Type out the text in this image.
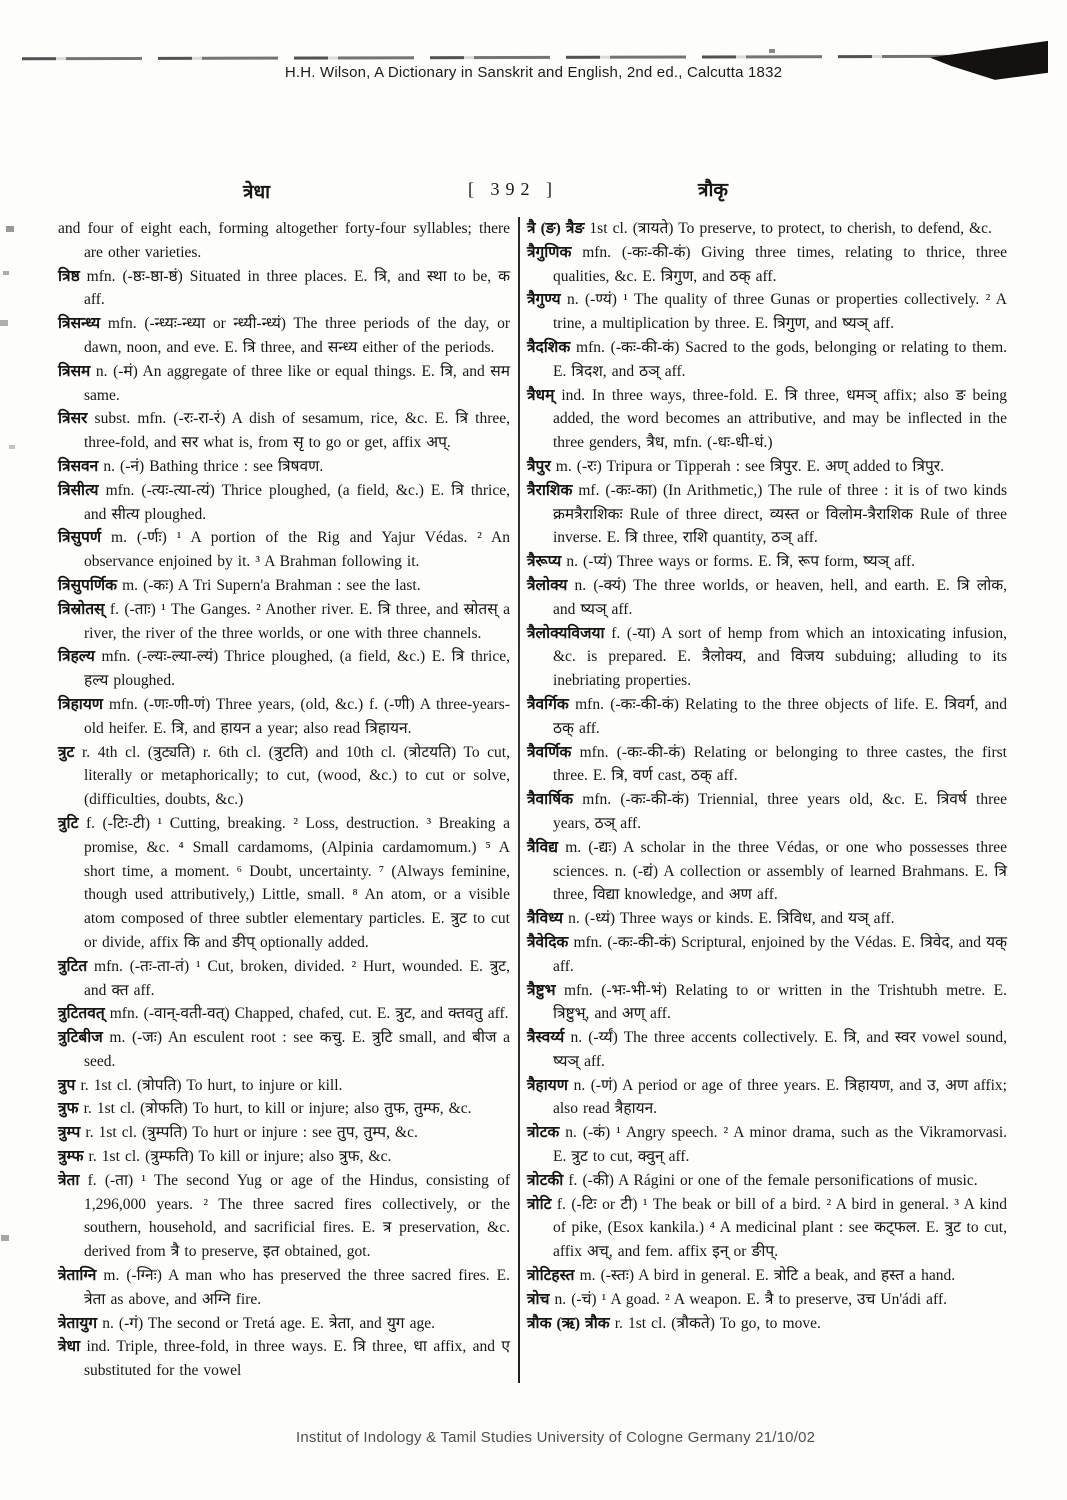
H.H. Wilson, A Dictionary in Sanskrit and English, 2nd ed., Calcutta 1832
त्रेधा	[ 392 ]	त्रौकृ

and four of eight each, forming altogether forty-four syllables; there are other varieties.

त्रिष्ठ mfn. (-ष्ठः-ष्ठा-ष्ठं) Situated in three places. E. त्रि, and स्था to be, क aff.

त्रिसन्ध्य mfn. (-न्ध्यः-न्ध्या or न्ध्यी-न्ध्यं) The three periods of the day, or dawn, noon, and eve. E. त्रि three, and सन्ध्य either of the periods.

त्रिसम n. (-मं) An aggregate of three like or equal things. E. त्रि, and सम same.

त्रिसर subst. mfn. (-रः-रा-रं) A dish of sesamum, rice, &c. E. त्रि three, three-fold, and सर what is, from सृ to go or get, affix अप्.

त्रिसवन n. (-नं) Bathing thrice : see त्रिषवण.

त्रिसीत्य mfn. (-त्यः-त्या-त्यं) Thrice ploughed, (a field, &c.) E. त्रि thrice, and सीत्य ploughed.

त्रिसुपर्ण m. (-र्णः) ¹ A portion of the Rig and Yajur Védas. ² An observance enjoined by it. ³ A Brahman following it.

त्रिसुपर्णिक m. (-कः) A Tri Supern'a Brahman : see the last.

त्रिस्रोतस् f. (-ताः) ¹ The Ganges. ² Another river. E. त्रि three, and स्रोतस् a river, the river of the three worlds, or one with three channels.

त्रिहल्य mfn. (-ल्यः-ल्या-ल्यं) Thrice ploughed, (a field, &c.) E. त्रि thrice, हल्य ploughed.

त्रिहायण mfn. (-णः-णी-णं) Three years, (old, &c.) f. (-णी) A three-years-old heifer. E. त्रि, and हायन a year; also read त्रिहायन.

त्रुट r. 4th cl. (त्रुट्यति) r. 6th cl. (त्रुटति) and 10th cl. (त्रोटयति) To cut, literally or metaphorically; to cut, (wood, &c.) to cut or solve, (difficulties, doubts, &c.)

त्रुटि f. (-टिः-टी) ¹ Cutting, breaking. ² Loss, destruction. ³ Breaking a promise, &c. ⁴ Small cardamoms, (Alpinia cardamomum.) ⁵ A short time, a moment. ⁶ Doubt, uncertainty. ⁷ (Always feminine, though used attributively,) Little, small. ⁸ An atom, or a visible atom composed of three subtler elementary particles. E. त्रुट to cut or divide, affix कि and ङीप् optionally added.

त्रुटित mfn. (-तः-ता-तं) ¹ Cut, broken, divided. ² Hurt, wounded. E. त्रुट, and क्त aff.

त्रुटितवत् mfn. (-वान्-वती-वत्) Chapped, chafed, cut. E. त्रुट, and क्तवतु aff.

त्रुटिबीज m. (-जः) An esculent root : see कचु. E. त्रुटि small, and बीज a seed.

त्रुप r. 1st cl. (त्रोपति) To hurt, to injure or kill.

त्रुफ r. 1st cl. (त्रोफति) To hurt, to kill or injure; also तुफ, तुम्फ, &c.

त्रुम्प r. 1st cl. (त्रुम्पति) To hurt or injure : see तुप, तुम्प, &c.

त्रुम्फ r. 1st cl. (त्रुम्फति) To kill or injure; also त्रुफ, &c.

त्रेता f. (-ता) ¹ The second Yug or age of the Hindus, consisting of 1,296,000 years. ² The three sacred fires collectively, or the southern, household, and sacrificial fires. E. त्र preservation, &c. derived from त्रै to preserve, इत obtained, got.

त्रेताग्नि m. (-ग्निः) A man who has preserved the three sacred fires. E. त्रेता as above, and अग्नि fire.

त्रेतायुग n. (-गं) The second or Tretá age. E. त्रेता, and युग age.

त्रेधा ind. Triple, three-fold, in three ways. E. त्रि three, धा affix, and ए substituted for the vowel

त्रै (ङ) त्रैङ 1st cl. (त्रायते) To preserve, to protect, to cherish, to defend, &c.

त्रैगुणिक mfn. (-कः-की-कं) Giving three times, relating to thrice, three qualities, &c. E. त्रिगुण, and ठक् aff.

त्रैगुण्य n. (-ण्यं) ¹ The quality of three Gunas or properties collectively. ² A trine, a multiplication by three. E. त्रिगुण, and ष्यञ् aff.

त्रैदशिक mfn. (-कः-की-कं) Sacred to the gods, belonging or relating to them. E. त्रिदश, and ठञ् aff.

त्रैधम् ind. In three ways, three-fold. E. त्रि three, धमञ् affix; also ङ being added, the word becomes an attributive, and may be inflected in the three genders, त्रैध, mfn. (-धः-धी-धं.)

त्रैपुर m. (-रः) Tripura or Tipperah : see त्रिपुर. E. अण् added to त्रिपुर.

त्रैराशिक mf. (-कः-का) (In Arithmetic,) The rule of three : it is of two kinds क्रमत्रैराशिकः Rule of three direct, व्यस्त or विलोम-त्रैराशिक Rule of three inverse. E. त्रि three, राशि quantity, ठञ् aff.

त्रैरूप्य n. (-प्यं) Three ways or forms. E. त्रि, रूप form, ष्यञ् aff.

त्रैलोक्य n. (-क्यं) The three worlds, or heaven, hell, and earth. E. त्रि लोक, and ष्यञ् aff.

त्रैलोक्यविजया f. (-या) A sort of hemp from which an intoxicating infusion, &c. is prepared. E. त्रैलोक्य, and विजय subduing; alluding to its inebriating properties.

त्रैवर्गिक mfn. (-कः-की-कं) Relating to the three objects of life. E. त्रिवर्ग, and ठक् aff.

त्रैवर्णिक mfn. (-कः-की-कं) Relating or belonging to three castes, the first three. E. त्रि, वर्ण cast, ठक् aff.

त्रैवार्षिक mfn. (-कः-की-कं) Triennial, three years old, &c. E. त्रिवर्ष three years, ठञ् aff.

त्रैविद्य m. (-द्यः) A scholar in the three Védas, or one who possesses three sciences. n. (-द्यं) A collection or assembly of learned Brahmans. E. त्रि three, विद्या knowledge, and अण aff.

त्रैविध्य n. (-ध्यं) Three ways or kinds. E. त्रिविध, and यञ् aff.

त्रैवेदिक mfn. (-कः-की-कं) Scriptural, enjoined by the Védas. E. त्रिवेद, and यक् aff.

त्रैष्टुभ mfn. (-भः-भी-भं) Relating to or written in the Trishtubh metre. E. त्रिष्टुभ्, and अण् aff.

त्रैस्वर्य्य n. (-र्य्यं) The three accents collectively. E. त्रि, and स्वर vowel sound, ष्यञ् aff.

त्रैहायण n. (-णं) A period or age of three years. E. त्रिहायण, and उ, अण affix; also read त्रैहायन.

त्रोटक n. (-कं) ¹ Angry speech. ² A minor drama, such as the Vikramorvasi. E. त्रुट to cut, क्वुन् aff.

त्रोटकी f. (-की) A Rágini or one of the female personifications of music.

त्रोटि f. (-टिः or टी) ¹ The beak or bill of a bird. ² A bird in general. ³ A kind of pike, (Esox kankila.) ⁴ A medicinal plant : see कट्फल. E. त्रुट to cut, affix अच्, and fem. affix इन् or ङीप्.

त्रोटिहस्त m. (-स्तः) A bird in general. E. त्रोटि a beak, and हस्त a hand.

त्रोच n. (-चं) ¹ A goad. ² A weapon. E. त्रै to preserve, उच Un'ádi aff.

त्रौक (ऋ) त्रौक r. 1st cl. (त्रौकते) To go, to move.

Institut of Indology & Tamil Studies University of Cologne Germany 21/10/02
